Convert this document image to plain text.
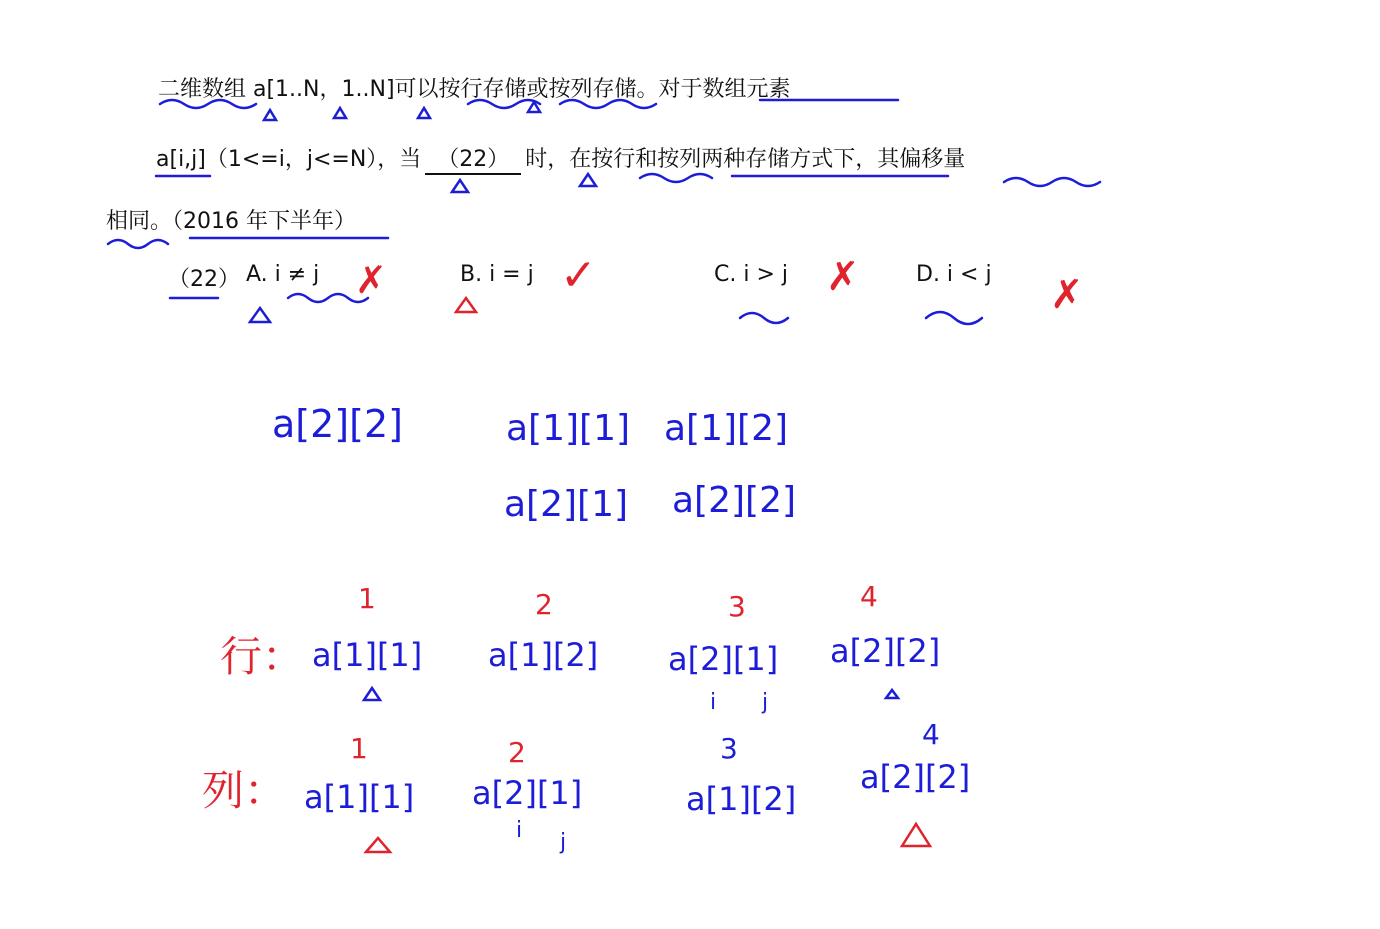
二维数组 a[1..N，1..N]可以按行存储或按列存储。对于数组元素
a[i,j]（1<=i，j<=N），当 （22） 时，在按行和按列两种存储方式下，其偏移量
相同。（2016 年下半年）
（22） A. i ≠ j	B. i = j	C. i > j	D. i < j
✗	✓	✗	✗
a[2][2]	a[1][1] a[1][2]
a[2][1] a[2][2]
行：
1	2	3	4
a[1][1] a[1][2] a[2][1] a[2][2]
i j
列：
1	2	3	4
a[1][1] a[2][1]	a[1][2]
a[2][2]
i j
